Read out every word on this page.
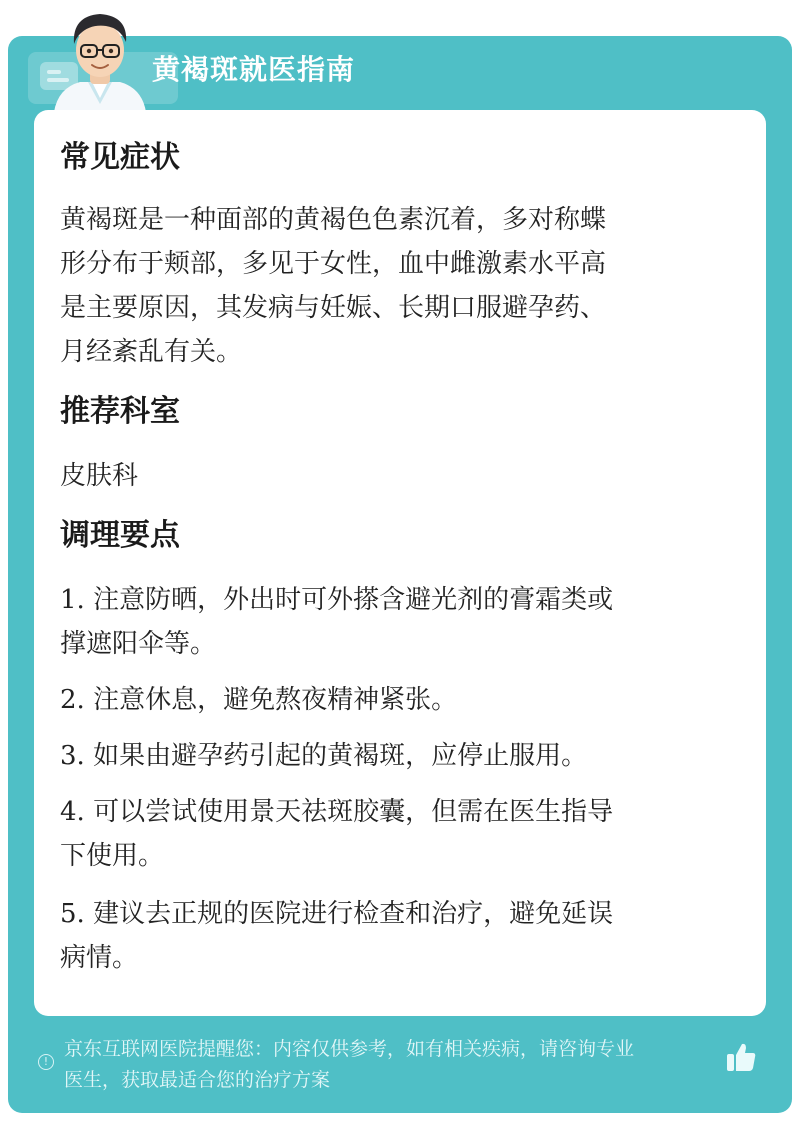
黄褐斑就医指南
常见症状
黄褐斑是一种面部的黄褐色色素沉着，多对称蝶
形分布于颊部，多见于女性，血中雌激素水平高
是主要原因，其发病与妊娠、长期口服避孕药、
月经紊乱有关。
推荐科室
皮肤科
调理要点
1. 注意防晒，外出时可外搽含避光剂的膏霜类或
撑遮阳伞等。
2. 注意休息，避免熬夜精神紧张。
3. 如果由避孕药引起的黄褐斑，应停止服用。
4. 可以尝试使用景天祛斑胶囊，但需在医生指导
下使用。
5. 建议去正规的医院进行检查和治疗，避免延误
病情。
!
京东互联网医院提醒您：内容仅供参考，如有相关疾病，请咨询专业
医生，获取最适合您的治疗方案
